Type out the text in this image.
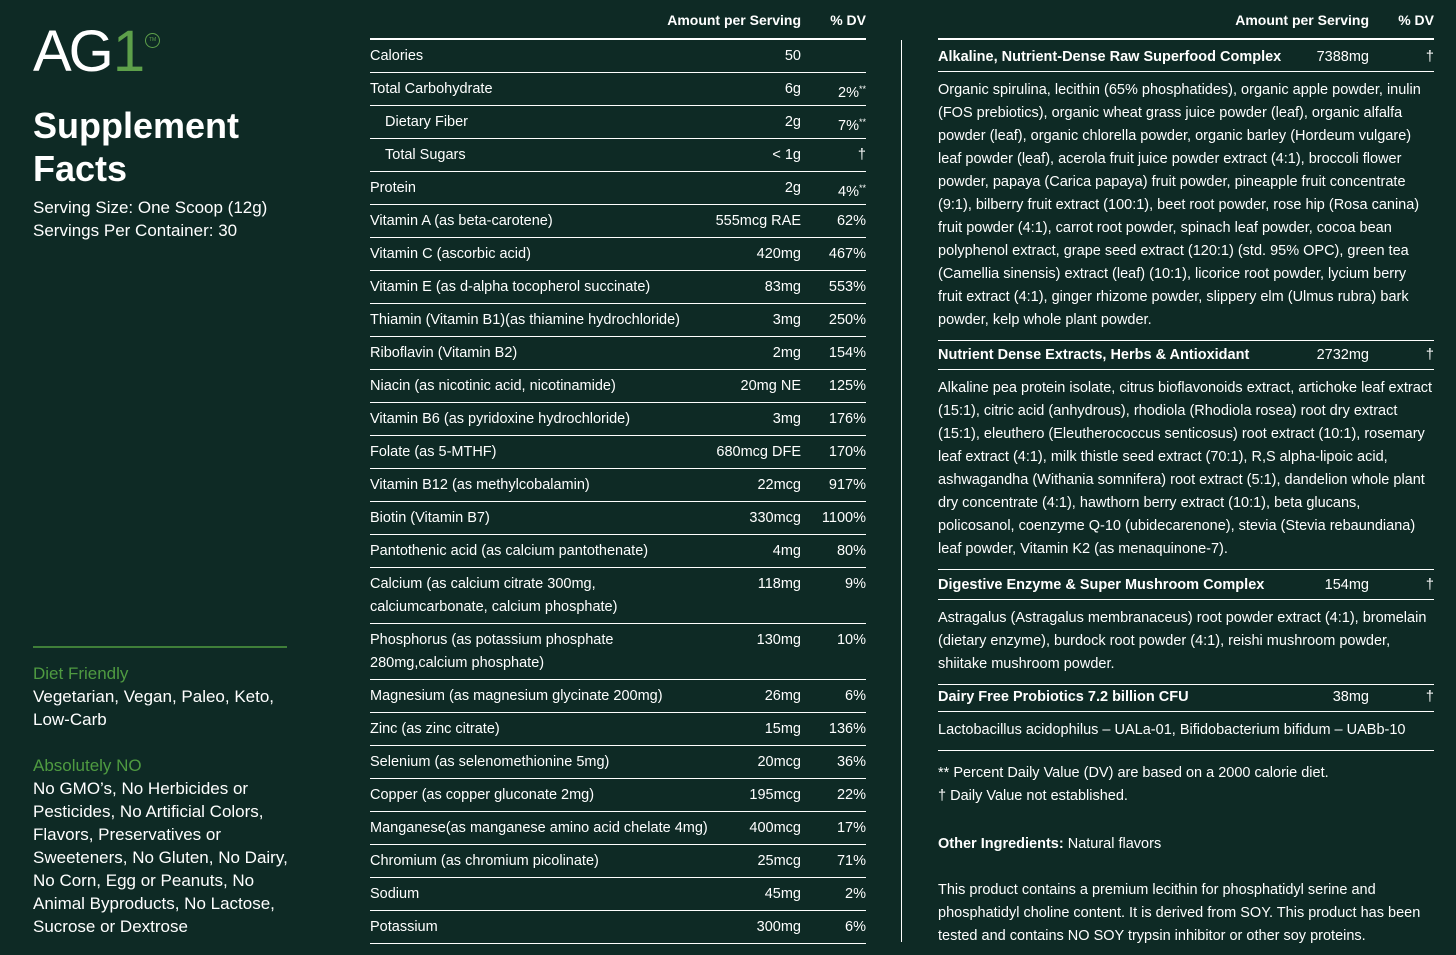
AG1 TM
Supplement Facts
Serving Size: One Scoop (12g)
Servings Per Container: 30
Diet Friendly
Vegetarian, Vegan, Paleo, Keto, Low-Carb
Absolutely NO
No GMO’s, No Herbicides or Pesticides, No Artificial Colors, Flavors, Preservatives or Sweeteners, No Gluten, No Dairy, No Corn, Egg or Peanuts, No Animal Byproducts, No Lactose, Sucrose or Dextrose
Amount per Serving % DV
Calories	50
Total Carbohydrate	6g	2%**
Dietary Fiber	2g	7%**
Total Sugars	< 1g	†
Protein	2g	4%**
Vitamin A (as beta-carotene)	555mcg RAE 62%
Vitamin C (ascorbic acid)	420mg 467%
Vitamin E (as d-alpha tocopherol succinate)	83mg 553%
Thiamin (Vitamin B1)(as thiamine hydrochloride)	3mg 250%
Riboflavin (Vitamin B2)	2mg 154%
Niacin (as nicotinic acid, nicotinamide)	20mg NE 125%
Vitamin B6 (as pyridoxine hydrochloride)	3mg 176%
Folate (as 5-MTHF)	680mcg DFE 170%
Vitamin B12 (as methylcobalamin)	22mcg 917%
Biotin (Vitamin B7)	330mcg 1100%
Pantothenic acid (as calcium pantothenate)	4mg 80%
Calcium (as calcium citrate 300mg, calciumcarbonate, calcium phosphate)
118mg	9%
Phosphorus (as potassium phosphate 280mg,calcium phosphate)
130mg 10%
Magnesium (as magnesium glycinate 200mg)	26mg	6%
Zinc (as zinc citrate)	15mg 136%
Selenium (as selenomethionine 5mg)	20mcg 36%
Copper (as copper gluconate 2mg)	195mcg 22%
Manganese(as manganese amino acid chelate 4mg)	400mcg 17%
Chromium (as chromium picolinate)	25mcg 71%
Sodium	45mg	2%
Potassium	300mg	6%
Amount per Serving % DV
Alkaline, Nutrient-Dense Raw Superfood Complex 7388mg	†
Organic spirulina, lecithin (65% phosphatides), organic apple powder, inulin (FOS prebiotics), organic wheat grass juice powder (leaf), organic alfalfa powder (leaf), organic chlorella powder, organic barley (Hordeum vulgare) leaf powder (leaf), acerola fruit juice powder extract (4:1), broccoli flower powder, papaya (Carica papaya) fruit powder, pineapple fruit concentrate (9:1), bilberry fruit extract (100:1), beet root powder, rose hip (Rosa canina) fruit powder (4:1), carrot root powder, spinach leaf powder, cocoa bean polyphenol extract, grape seed extract (120:1) (std. 95% OPC), green tea (Camellia sinensis) extract (leaf) (10:1), licorice root powder, lycium berry fruit extract (4:1), ginger rhizome powder, slippery elm (Ulmus rubra) bark powder, kelp whole plant powder.
Nutrient Dense Extracts, Herbs & Antioxidant	2732mg	†
Alkaline pea protein isolate, citrus bioflavonoids extract, artichoke leaf extract (15:1), citric acid (anhydrous), rhodiola (Rhodiola rosea) root dry extract (15:1), eleuthero (Eleutherococcus senticosus) root extract (10:1), rosemary leaf extract (4:1), milk thistle seed extract (70:1), R,S alpha-lipoic acid, ashwagandha (Withania somnifera) root extract (5:1), dandelion whole plant dry concentrate (4:1), hawthorn berry extract (10:1), beta glucans, policosanol, coenzyme Q-10 (ubidecarenone), stevia (Stevia rebaundiana) leaf powder, Vitamin K2 (as menaquinone-7).
Digestive Enzyme & Super Mushroom Complex	154mg	†
Astragalus (Astragalus membranaceus) root powder extract (4:1), bromelain (dietary enzyme), burdock root powder (4:1), reishi mushroom powder, shiitake mushroom powder.
Dairy Free Probiotics 7.2 billion CFU	38mg	†
Lactobacillus acidophilus – UALa-01, Bifidobacterium bifidum – UABb-10
** Percent Daily Value (DV) are based on a 2000 calorie diet.
† Daily Value not established.
Other Ingredients: Natural flavors
This product contains a premium lecithin for phosphatidyl serine and phosphatidyl choline content. It is derived from SOY. This product has been tested and contains NO SOY trypsin inhibitor or other soy proteins.
